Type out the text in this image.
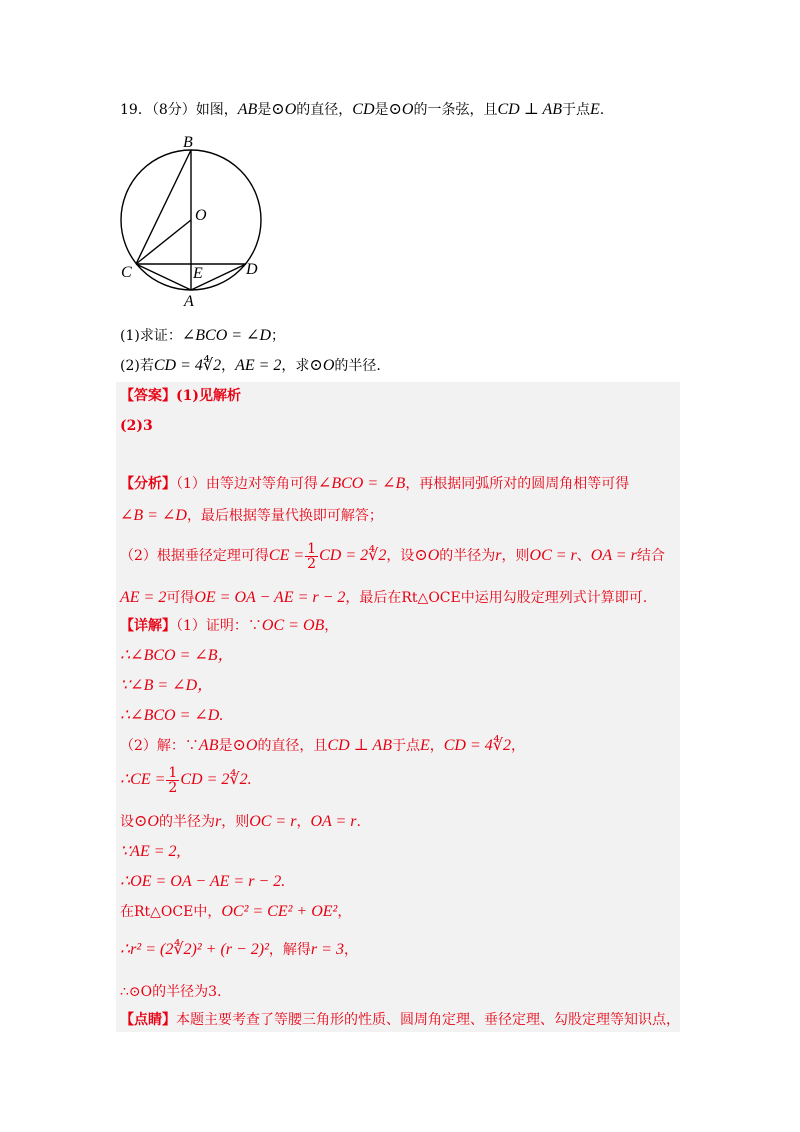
19．（8分）如图，AB是⊙O的直径，CD是⊙O的一条弦，且CD ⊥ AB于点E.
B
O
C	E	D
A
(1)求证：∠BCO = ∠D；
(2)若CD = 4∜2，AE = 2，求⊙O的半径.
【答案】(1)见解析
(2)3
【分析】（1）由等边对等角可得∠BCO = ∠B，再根据同弧所对的圆周角相等可得
∠B = ∠D，最后根据等量代换即可解答；
（2）根据垂径定理可得CE = $\frac{1}{2}$ CD = 2∜2，设⊙O的半径为r，则OC = r、OA = r结合
AE = 2可得OE = OA − AE = r − 2，最后在Rt△OCE中运用勾股定理列式计算即可.
【详解】（1）证明：∵OC = OB，
∴∠BCO = ∠B，
∵∠B = ∠D，
∴∠BCO = ∠D.
（2）解：∵AB是⊙O的直径，且CD ⊥ AB于点E，CD = 4∜2，
∴CE = $\frac{1}{2}$ CD = 2∜2.
设⊙O的半径为r，则OC = r，OA = r.
∵AE = 2,
∴OE = OA − AE = r − 2.
在Rt△OCE中，OC² = CE² + OE²，
∴r² = (2∜2)² + (r − 2)²，解得r = 3，
∴⊙O的半径为3.
【点睛】本题主要考查了等腰三角形的性质、圆周角定理、垂径定理、勾股定理等知识点，
